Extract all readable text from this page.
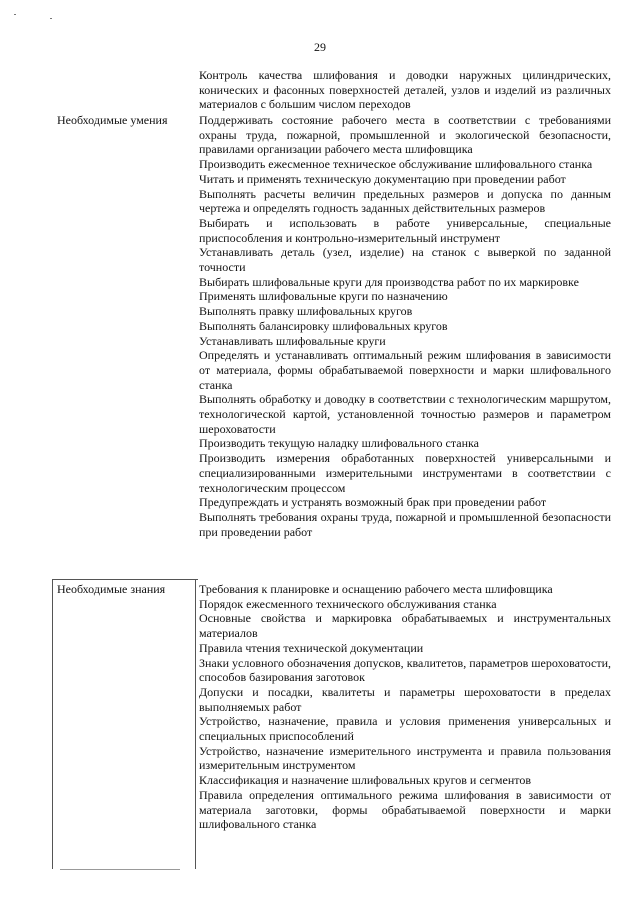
29
Контроль качества шлифования и доводки наружных цилиндрических, конических и фасонных поверхностей деталей, узлов и изделий из различных материалов с большим числом переходов
Необходимые умения	Поддерживать состояние рабочего места в соответствии с требованиями охраны труда, пожарной, промышленной и экологической безопасности, правилами организации рабочего места шлифовщика
Производить ежесменное техническое обслуживание шлифовального станка
Читать и применять техническую документацию при проведении работ
Выполнять расчеты величин предельных размеров и допуска по данным чертежа и определять годность заданных действительных размеров
Выбирать и использовать в работе универсальные, специальные приспособления и контрольно-измерительный инструмент
Устанавливать деталь (узел, изделие) на станок с выверкой по заданной точности
Выбирать шлифовальные круги для производства работ по их маркировке
Применять шлифовальные круги по назначению
Выполнять правку шлифовальных кругов
Выполнять балансировку шлифовальных кругов
Устанавливать шлифовальные круги
Определять и устанавливать оптимальный режим шлифования в зависимости от материала, формы обрабатываемой поверхности и марки шлифовального станка
Выполнять обработку и доводку в соответствии с технологическим маршрутом, технологической картой, установленной точностью размеров и параметром шероховатости
Производить текущую наладку шлифовального станка
Производить измерения обработанных поверхностей универсальными и специализированными измерительными инструментами в соответствии с технологическим процессом
Предупреждать и устранять возможный брак при проведении работ
Выполнять требования охраны труда, пожарной и промышленной безопасности при проведении работ
Необходимые знания	Требования к планировке и оснащению рабочего места шлифовщика
Порядок ежесменного технического обслуживания станка
Основные свойства и маркировка обрабатываемых и инструментальных материалов
Правила чтения технической документации
Знаки условного обозначения допусков, квалитетов, параметров шероховатости, способов базирования заготовок
Допуски и посадки, квалитеты и параметры шероховатости в пределах выполняемых работ
Устройство, назначение, правила и условия применения универсальных и специальных приспособлений
Устройство, назначение измерительного инструмента и правила пользования измерительным инструментом
Классификация и назначение шлифовальных кругов и сегментов
Правила определения оптимального режима шлифования в зависимости от материала заготовки, формы обрабатываемой поверхности и марки шлифовального станка
